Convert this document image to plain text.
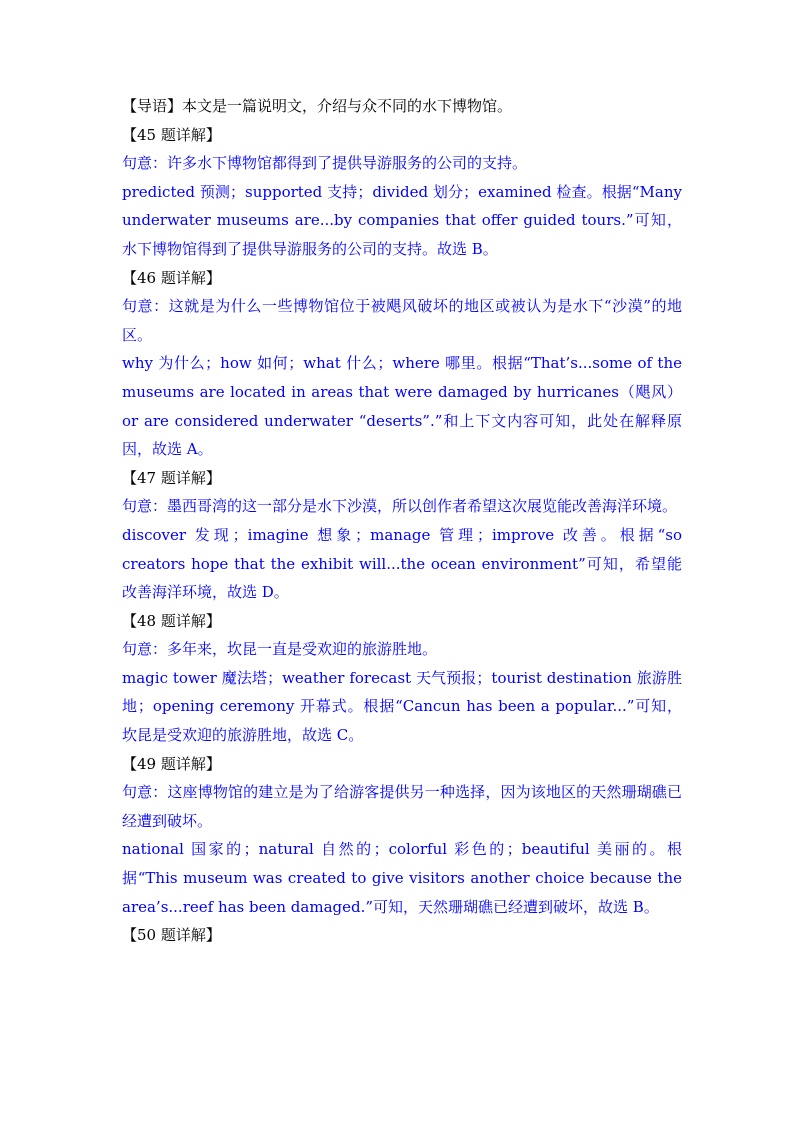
【导语】本文是一篇说明文，介绍与众不同的水下博物馆。

【45 题详解】

句意：许多水下博物馆都得到了提供导游服务的公司的支持。

predicted 预测；supported 支持；divided 划分；examined 检查。根据“Many underwater museums are...by companies that offer guided tours.”可知，水下博物馆得到了提供导游服务的公司的支持。故选 B。

【46 题详解】

句意：这就是为什么一些博物馆位于被飓风破坏的地区或被认为是水下“沙漠”的地区。

why 为什么；how 如何；what 什么；where 哪里。根据“That’s...some of the museums are located in areas that were damaged by hurricanes（飓风） or are considered underwater “deserts”.”和上下文内容可知，此处在解释原因，故选 A。

【47 题详解】

句意：墨西哥湾的这一部分是水下沙漠，所以创作者希望这次展览能改善海洋环境。

discover 发现；imagine 想象；manage 管理；improve 改善。根据“so creators hope that the exhibit will...the ocean environment”可知，希望能改善海洋环境，故选 D。

【48 题详解】

句意：多年来，坎昆一直是受欢迎的旅游胜地。

magic tower 魔法塔；weather forecast 天气预报；tourist destination 旅游胜地；opening ceremony 开幕式。根据“Cancun has been a popular...”可知，坎昆是受欢迎的旅游胜地，故选 C。

【49 题详解】

句意：这座博物馆的建立是为了给游客提供另一种选择，因为该地区的天然珊瑚礁已经遭到破坏。

national 国家的；natural 自然的；colorful 彩色的；beautiful 美丽的。根据“This museum was created to give visitors another choice because the area’s...reef has been damaged.”可知，天然珊瑚礁已经遭到破坏，故选 B。

【50 题详解】
